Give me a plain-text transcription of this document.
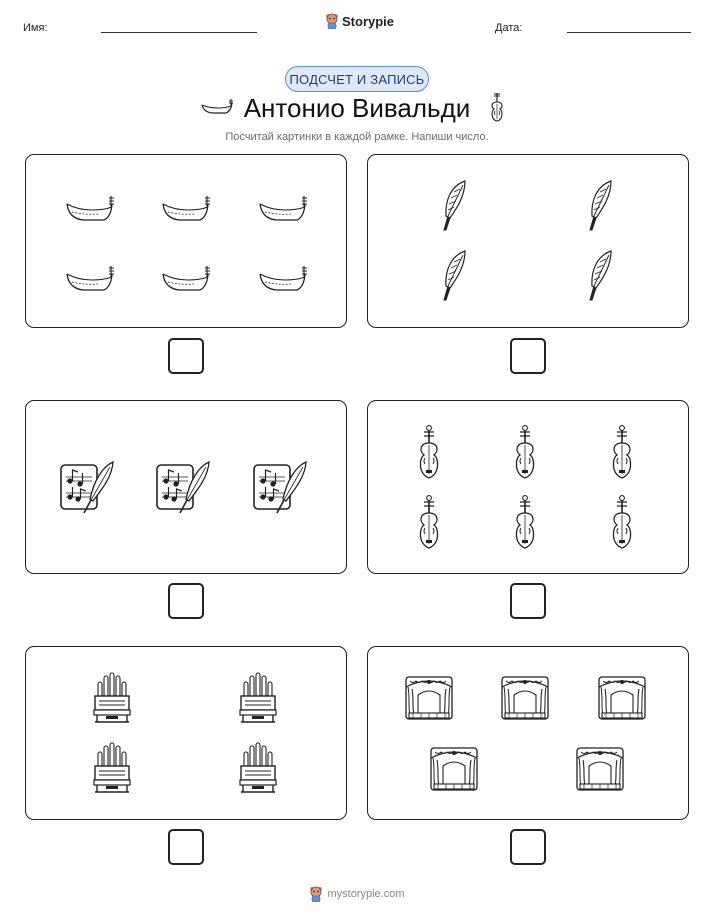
Имя:	Storypie	Дата:
ПОДСЧЕТ И ЗАПИСЬ
Антонио Вивальди
Посчитай картинки в каждой рамке. Напиши число.
mystorypie.com
